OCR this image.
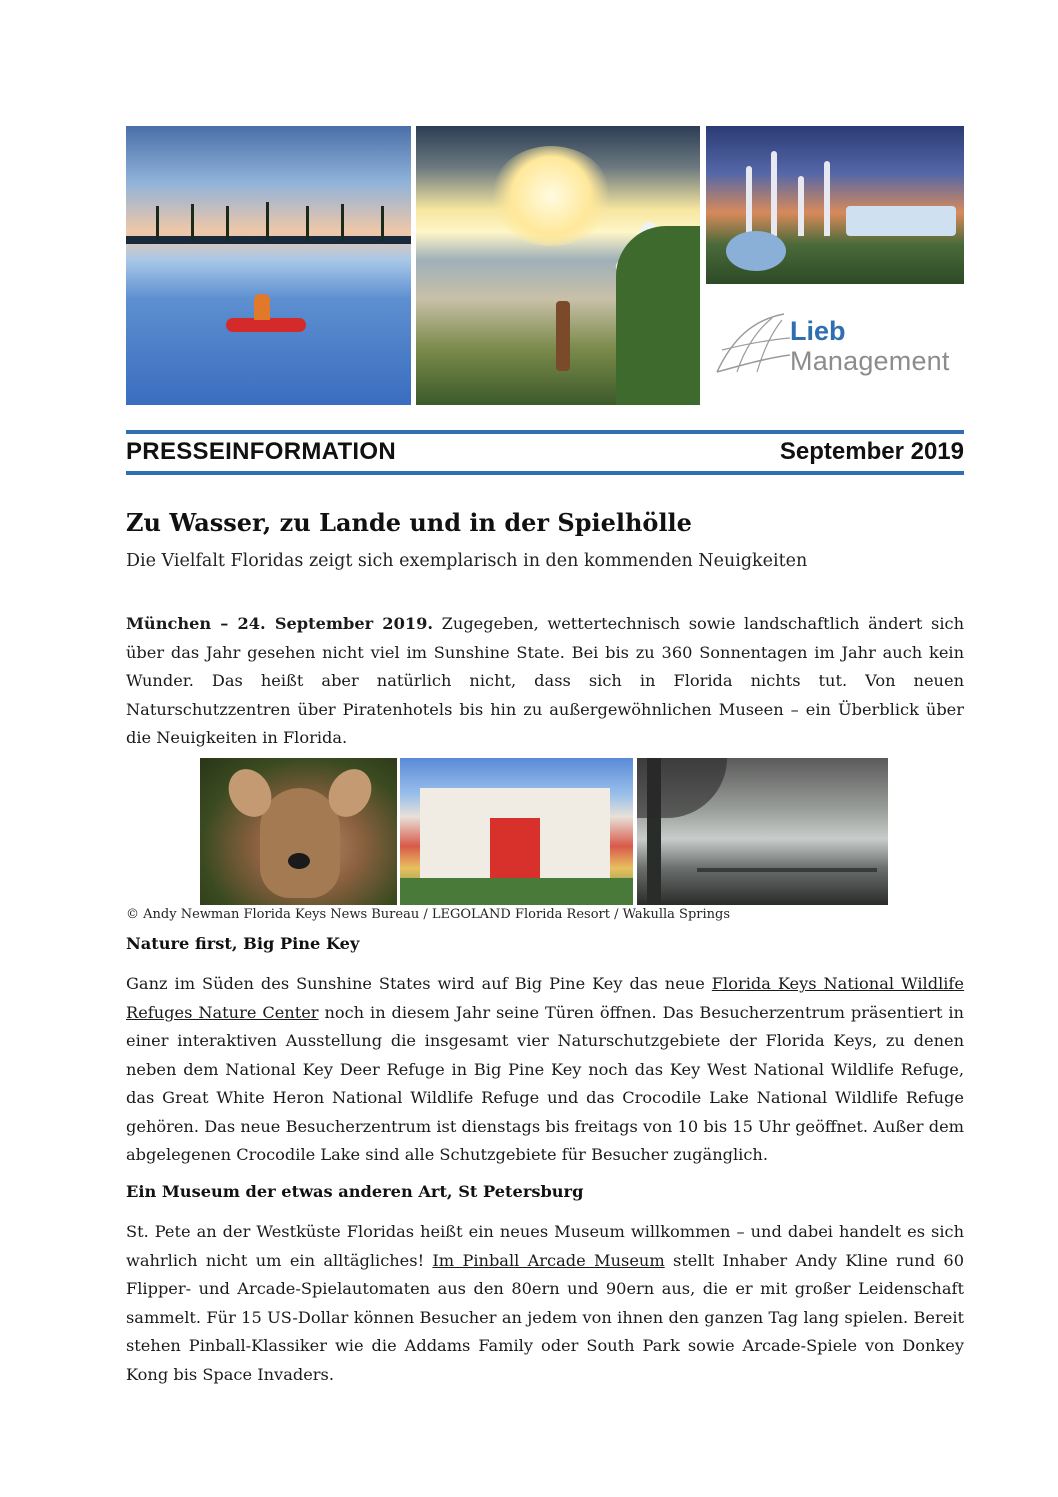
Lieb
Management
PRESSEINFORMATION	September 2019
Zu Wasser, zu Lande und in der Spielhölle
Die Vielfalt Floridas zeigt sich exemplarisch in den kommenden Neuigkeiten
München – 24. September 2019. Zugegeben, wettertechnisch sowie landschaftlich ändert sich über das Jahr gesehen nicht viel im Sunshine State. Bei bis zu 360 Sonnentagen im Jahr auch kein Wunder. Das heißt aber natürlich nicht, dass sich in Florida nichts tut. Von neuen Naturschutzzentren über Piratenhotels bis hin zu außergewöhnlichen Museen – ein Überblick über die Neuigkeiten in Florida.
© Andy Newman Florida Keys News Bureau / LEGOLAND Florida Resort / Wakulla Springs
Nature first, Big Pine Key
Ganz im Süden des Sunshine States wird auf Big Pine Key das neue Florida Keys National Wildlife Refuges Nature Center noch in diesem Jahr seine Türen öffnen. Das Besucherzentrum präsentiert in einer interaktiven Ausstellung die insgesamt vier Naturschutzgebiete der Florida Keys, zu denen neben dem National Key Deer Refuge in Big Pine Key noch das Key West National Wildlife Refuge, das Great White Heron National Wildlife Refuge und das Crocodile Lake National Wildlife Refuge gehören. Das neue Besucherzentrum ist dienstags bis freitags von 10 bis 15 Uhr geöffnet. Außer dem abgelegenen Crocodile Lake sind alle Schutzgebiete für Besucher zugänglich.
Ein Museum der etwas anderen Art, St Petersburg
St. Pete an der Westküste Floridas heißt ein neues Museum willkommen – und dabei handelt es sich wahrlich nicht um ein alltägliches! Im Pinball Arcade Museum stellt Inhaber Andy Kline rund 60 Flipper- und Arcade-Spielautomaten aus den 80ern und 90ern aus, die er mit großer Leidenschaft sammelt. Für 15 US-Dollar können Besucher an jedem von ihnen den ganzen Tag lang spielen. Bereit stehen Pinball-Klassiker wie die Addams Family oder South Park sowie Arcade-Spiele von Donkey Kong bis Space Invaders.
